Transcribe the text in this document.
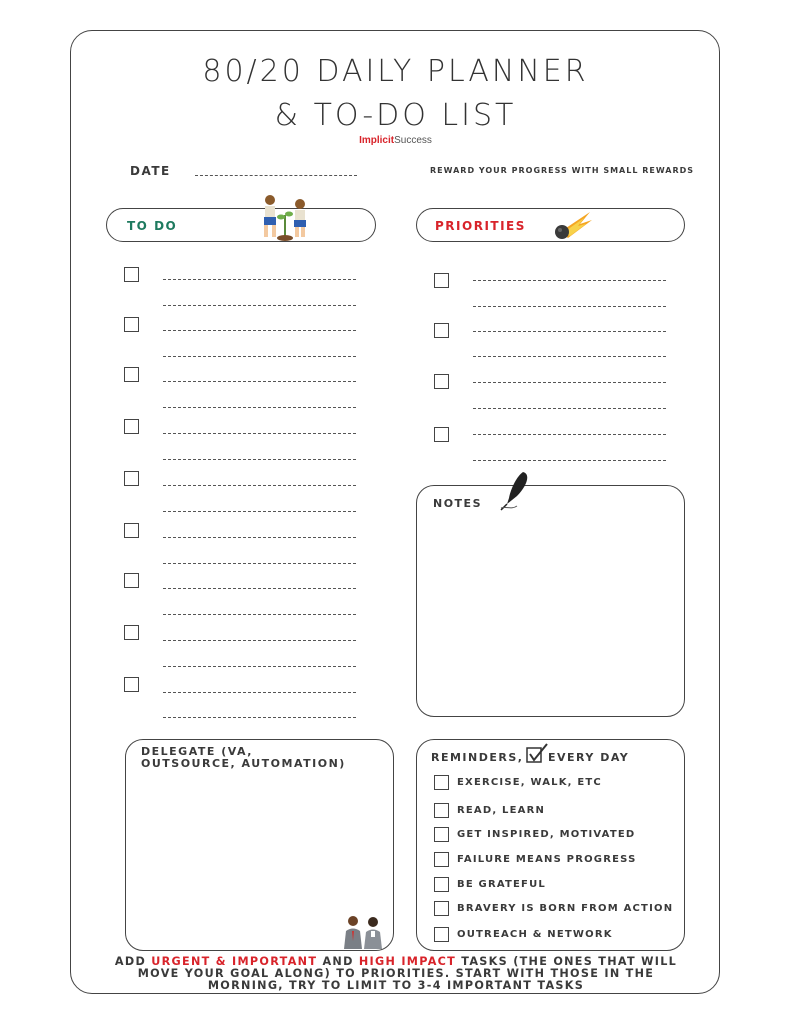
80/20 DAILY PLANNER
& TO-DO LIST
ImplicitSuccess
DATE	REWARD YOUR PROGRESS WITH SMALL REWARDS
TO DO	PRIORITIES
NOTES
DELEGATE (VA,
OUTSOURCE, AUTOMATION)	REMINDERS, EVERY DAY
EXERCISE, WALK, ETC
READ, LEARN
GET INSPIRED, MOTIVATED
FAILURE MEANS PROGRESS
BE GRATEFUL
BRAVERY IS BORN FROM ACTION
OUTREACH & NETWORK
ADD URGENT & IMPORTANT AND HIGH IMPACT TASKS (THE ONES THAT WILL MOVE YOUR GOAL ALONG) TO PRIORITIES. START WITH THOSE IN THE MORNING, TRY TO LIMIT TO 3-4 IMPORTANT TASKS
